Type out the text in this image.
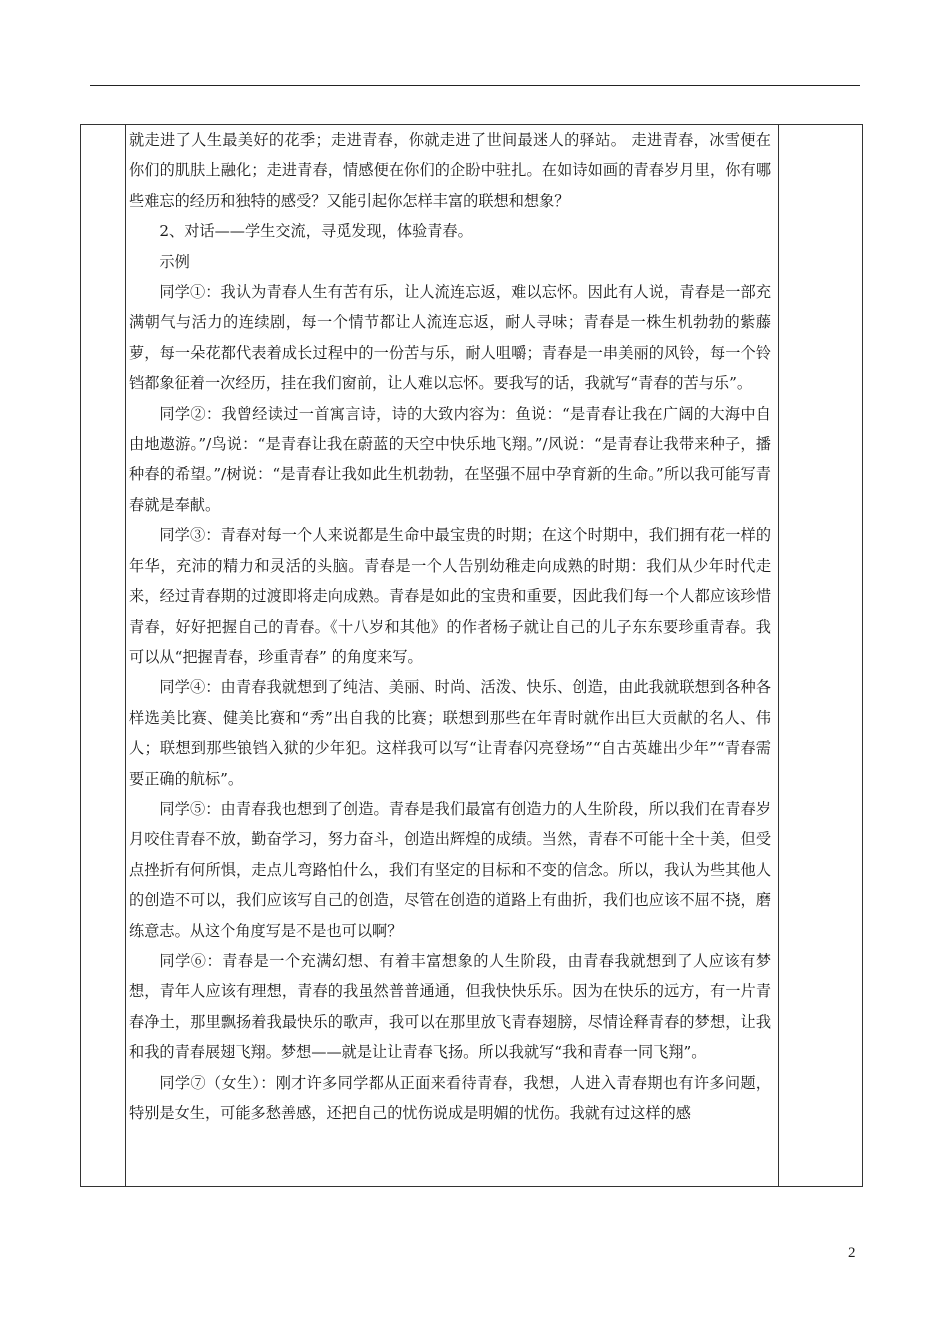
就走进了人生最美好的花季；走进青春，你就走进了世间最迷人的驿站。 走进青春，冰雪便在你们的肌肤上融化；走进青春，情感便在你们的企盼中驻扎。在如诗如画的青春岁月里，你有哪些难忘的经历和独特的感受？又能引起你怎样丰富的联想和想象？

2、对话——学生交流，寻觅发现，体验青春。

示例

同学①：我认为青春人生有苦有乐，让人流连忘返，难以忘怀。因此有人说，青春是一部充满朝气与活力的连续剧，每一个情节都让人流连忘返，耐人寻味；青春是一株生机勃勃的紫藤萝，每一朵花都代表着成长过程中的一份苦与乐，耐人咀嚼；青春是一串美丽的风铃，每一个铃铛都象征着一次经历，挂在我们窗前，让人难以忘怀。要我写的话，我就写“青春的苦与乐”。

同学②：我曾经读过一首寓言诗，诗的大致内容为：鱼说：“是青春让我在广阔的大海中自由地遨游。”/鸟说：“是青春让我在蔚蓝的天空中快乐地飞翔。”/风说：“是青春让我带来种子，播种春的希望。”/树说：“是青春让我如此生机勃勃，在坚强不屈中孕育新的生命。”所以我可能写青春就是奉献。

同学③：青春对每一个人来说都是生命中最宝贵的时期；在这个时期中，我们拥有花一样的年华，充沛的精力和灵活的头脑。青春是一个人告别幼稚走向成熟的时期：我们从少年时代走来，经过青春期的过渡即将走向成熟。青春是如此的宝贵和重要，因此我们每一个人都应该珍惜青春，好好把握自己的青春。《十八岁和其他》的作者杨子就让自己的儿子东东要珍重青春。我可以从“把握青春，珍重青春” 的角度来写。

同学④：由青春我就想到了纯洁、美丽、时尚、活泼、快乐、创造，由此我就联想到各种各样选美比赛、健美比赛和“秀”出自我的比赛；联想到那些在年青时就作出巨大贡献的名人、伟人；联想到那些锒铛入狱的少年犯。这样我可以写“让青春闪亮登场”“自古英雄出少年”“青春需要正确的航标”。

同学⑤：由青春我也想到了创造。青春是我们最富有创造力的人生阶段，所以我们在青春岁月咬住青春不放，勤奋学习，努力奋斗，创造出辉煌的成绩。当然，青春不可能十全十美，但受点挫折有何所惧，走点儿弯路怕什么，我们有坚定的目标和不变的信念。所以，我认为些其他人的创造不可以，我们应该写自己的创造，尽管在创造的道路上有曲折，我们也应该不屈不挠，磨练意志。从这个角度写是不是也可以啊？

同学⑥：青春是一个充满幻想、有着丰富想象的人生阶段，由青春我就想到了人应该有梦想，青年人应该有理想，青春的我虽然普普通通，但我快快乐乐。因为在快乐的远方，有一片青春净土，那里飘扬着我最快乐的歌声，我可以在那里放飞青春翅膀，尽情诠释青春的梦想，让我和我的青春展翅飞翔。梦想——就是让让青春飞扬。所以我就写“我和青春一同飞翔”。

同学⑦（女生）：刚才许多同学都从正面来看待青春，我想，人进入青春期也有许多问题，特别是女生，可能多愁善感，还把自己的忧伤说成是明媚的忧伤。我就有过这样的感

2
